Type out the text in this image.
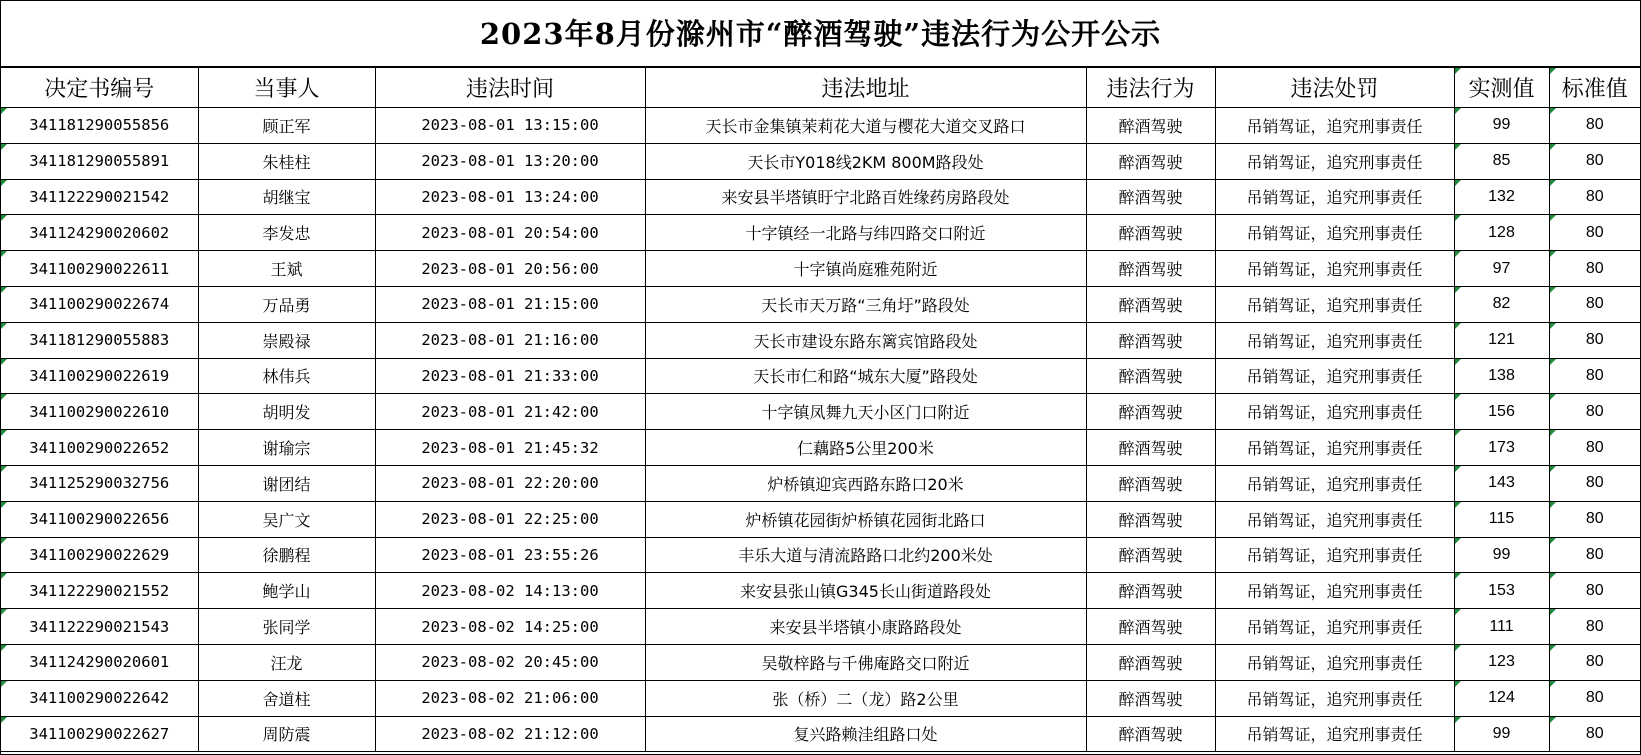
2023年8月份滁州市“醉酒驾驶”违法行为公开公示
决定书编号	当事人	违法时间	违法地址	违法行为	违法处罚	实测值	标准值
341181290055856	顾正军	2023-08-01 13:15:00	天长市金集镇茉莉花大道与樱花大道交叉路口	醉酒驾驶	吊销驾证，追究刑事责任	99	80
341181290055891	朱桂柱	2023-08-01 13:20:00	天长市Y018线2KM 800M路段处	醉酒驾驶	吊销驾证，追究刑事责任	85	80
341122290021542	胡继宝	2023-08-01 13:24:00	来安县半塔镇盱宁北路百姓缘药房路段处	醉酒驾驶	吊销驾证，追究刑事责任	132	80
341124290020602	李发忠	2023-08-01 20:54:00	十字镇经一北路与纬四路交口附近	醉酒驾驶	吊销驾证，追究刑事责任	128	80
341100290022611	王斌	2023-08-01 20:56:00	十字镇尚庭雅苑附近	醉酒驾驶	吊销驾证，追究刑事责任	97	80
341100290022674	万品勇	2023-08-01 21:15:00	天长市天万路“三角圩”路段处	醉酒驾驶	吊销驾证，追究刑事责任	82	80
341181290055883	崇殿禄	2023-08-01 21:16:00	天长市建设东路东篱宾馆路段处	醉酒驾驶	吊销驾证，追究刑事责任	121	80
341100290022619	林伟兵	2023-08-01 21:33:00	天长市仁和路“城东大厦”路段处	醉酒驾驶	吊销驾证，追究刑事责任	138	80
341100290022610	胡明发	2023-08-01 21:42:00	十字镇凤舞九天小区门口附近	醉酒驾驶	吊销驾证，追究刑事责任	156	80
341100290022652	谢瑜宗	2023-08-01 21:45:32	仁藕路5公里200米	醉酒驾驶	吊销驾证，追究刑事责任	173	80
341125290032756	谢团结	2023-08-01 22:20:00	炉桥镇迎宾西路东路口20米	醉酒驾驶	吊销驾证，追究刑事责任	143	80
341100290022656	吴广文	2023-08-01 22:25:00	炉桥镇花园街炉桥镇花园街北路口	醉酒驾驶	吊销驾证，追究刑事责任	115	80
341100290022629	徐鹏程	2023-08-01 23:55:26	丰乐大道与清流路路口北约200米处	醉酒驾驶	吊销驾证，追究刑事责任	99	80
341122290021552	鲍学山	2023-08-02 14:13:00	来安县张山镇G345长山街道路段处	醉酒驾驶	吊销驾证，追究刑事责任	153	80
341122290021543	张同学	2023-08-02 14:25:00	来安县半塔镇小康路路段处	醉酒驾驶	吊销驾证，追究刑事责任	111	80
341124290020601	汪龙	2023-08-02 20:45:00	吴敬梓路与千佛庵路交口附近	醉酒驾驶	吊销驾证，追究刑事责任	123	80
341100290022642	舍道柱	2023-08-02 21:06:00	张（桥）二（龙）路2公里	醉酒驾驶	吊销驾证，追究刑事责任	124	80
341100290022627	周防震	2023-08-02 21:12:00	复兴路赖洼组路口处	醉酒驾驶	吊销驾证，追究刑事责任	99	80
